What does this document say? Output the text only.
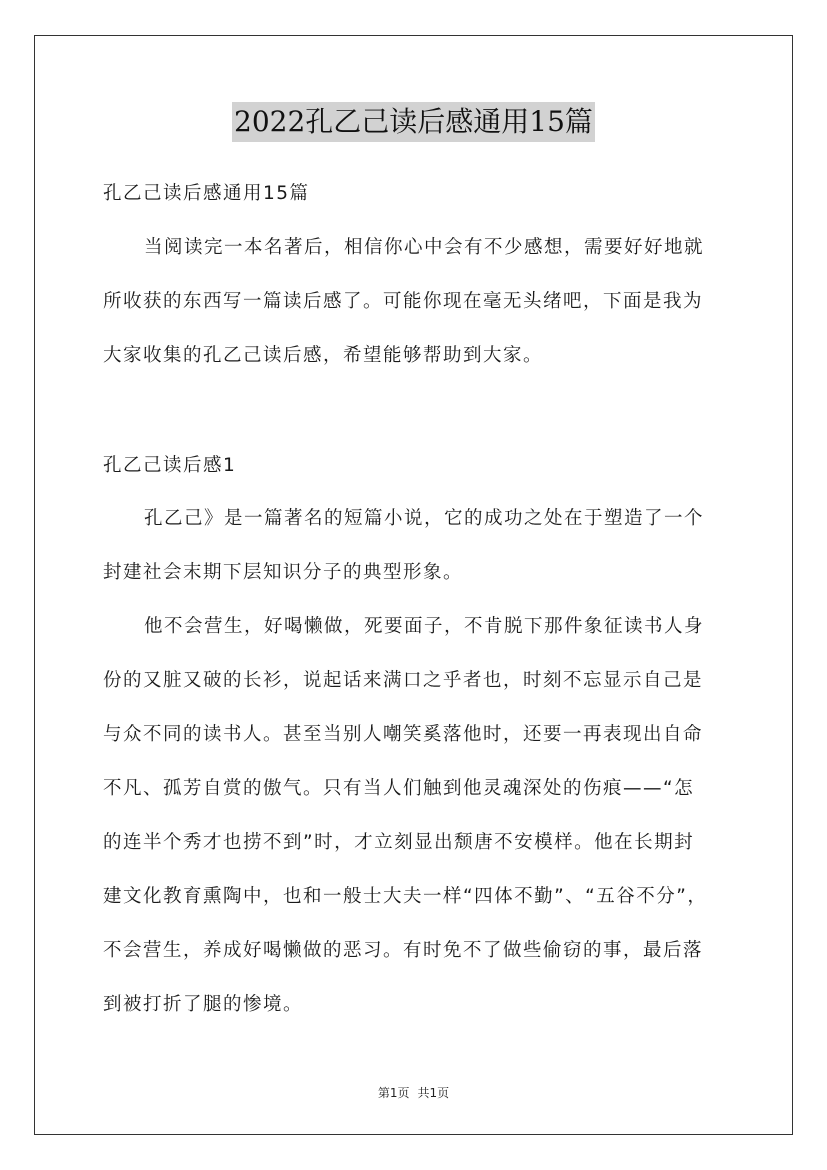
2022孔乙己读后感通用15篇
孔乙己读后感通用15篇
当阅读完一本名著后，相信你心中会有不少感想，需要好好地就
所收获的东西写一篇读后感了。可能你现在毫无头绪吧，下面是我为
大家收集的孔乙己读后感，希望能够帮助到大家。
孔乙己读后感1
孔乙己》是一篇著名的短篇小说，它的成功之处在于塑造了一个
封建社会末期下层知识分子的典型形象。
他不会营生，好喝懒做，死要面子，不肯脱下那件象征读书人身
份的又脏又破的长衫，说起话来满口之乎者也，时刻不忘显示自己是
与众不同的读书人。甚至当别人嘲笑奚落他时，还要一再表现出自命
不凡、孤芳自赏的傲气。只有当人们触到他灵魂深处的伤痕——“怎
的连半个秀才也捞不到”时，才立刻显出颓唐不安模样。他在长期封
建文化教育熏陶中，也和一般士大夫一样“四体不勤”、“五谷不分”，
不会营生，养成好喝懒做的恶习。有时免不了做些偷窃的事，最后落
到被打折了腿的惨境。
第1页 共1页
